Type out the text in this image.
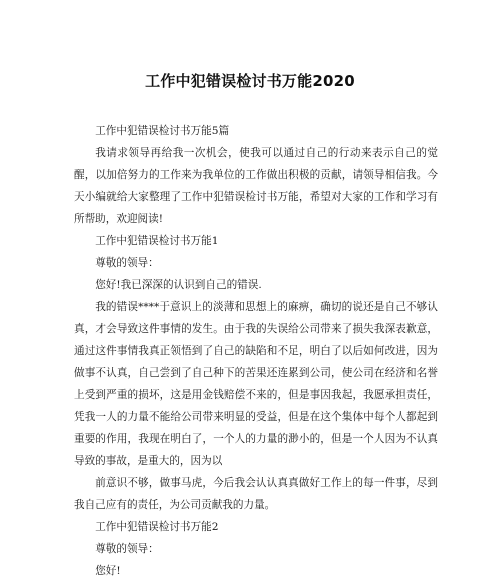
工作中犯错误检讨书万能2020

工作中犯错误检讨书万能5篇

我请求领导再给我一次机会，使我可以通过自己的行动来表示自己的觉醒，以加倍努力的工作来为我单位的工作做出积极的贡献，请领导相信我。今天小编就给大家整理了工作中犯错误检讨书万能，希望对大家的工作和学习有所帮助，欢迎阅读!

工作中犯错误检讨书万能1

尊敬的领导：

您好!我已深深的认识到自己的错误.

我的错误****于意识上的淡薄和思想上的麻痹，确切的说还是自己不够认真，才会导致这件事情的发生。由于我的失误给公司带来了损失我深表歉意，通过这件事情我真正领悟到了自己的缺陷和不足，明白了以后如何改进，因为做事不认真，自己尝到了自己种下的苦果还连累到公司，使公司在经济和名誉上受到严重的损坏，这是用金钱赔偿不来的，但是事因我起，我愿承担责任，凭我一人的力量不能给公司带来明显的受益，但是在这个集体中每个人都起到重要的作用，我现在明白了，一个人的力量的渺小的，但是一个人因为不认真导致的事故，是重大的，因为以

前意识不够，做事马虎，今后我会认认真真做好工作上的每一件事，尽到我自己应有的责任，为公司贡献我的力量。

工作中犯错误检讨书万能2

尊敬的领导：

您好!
